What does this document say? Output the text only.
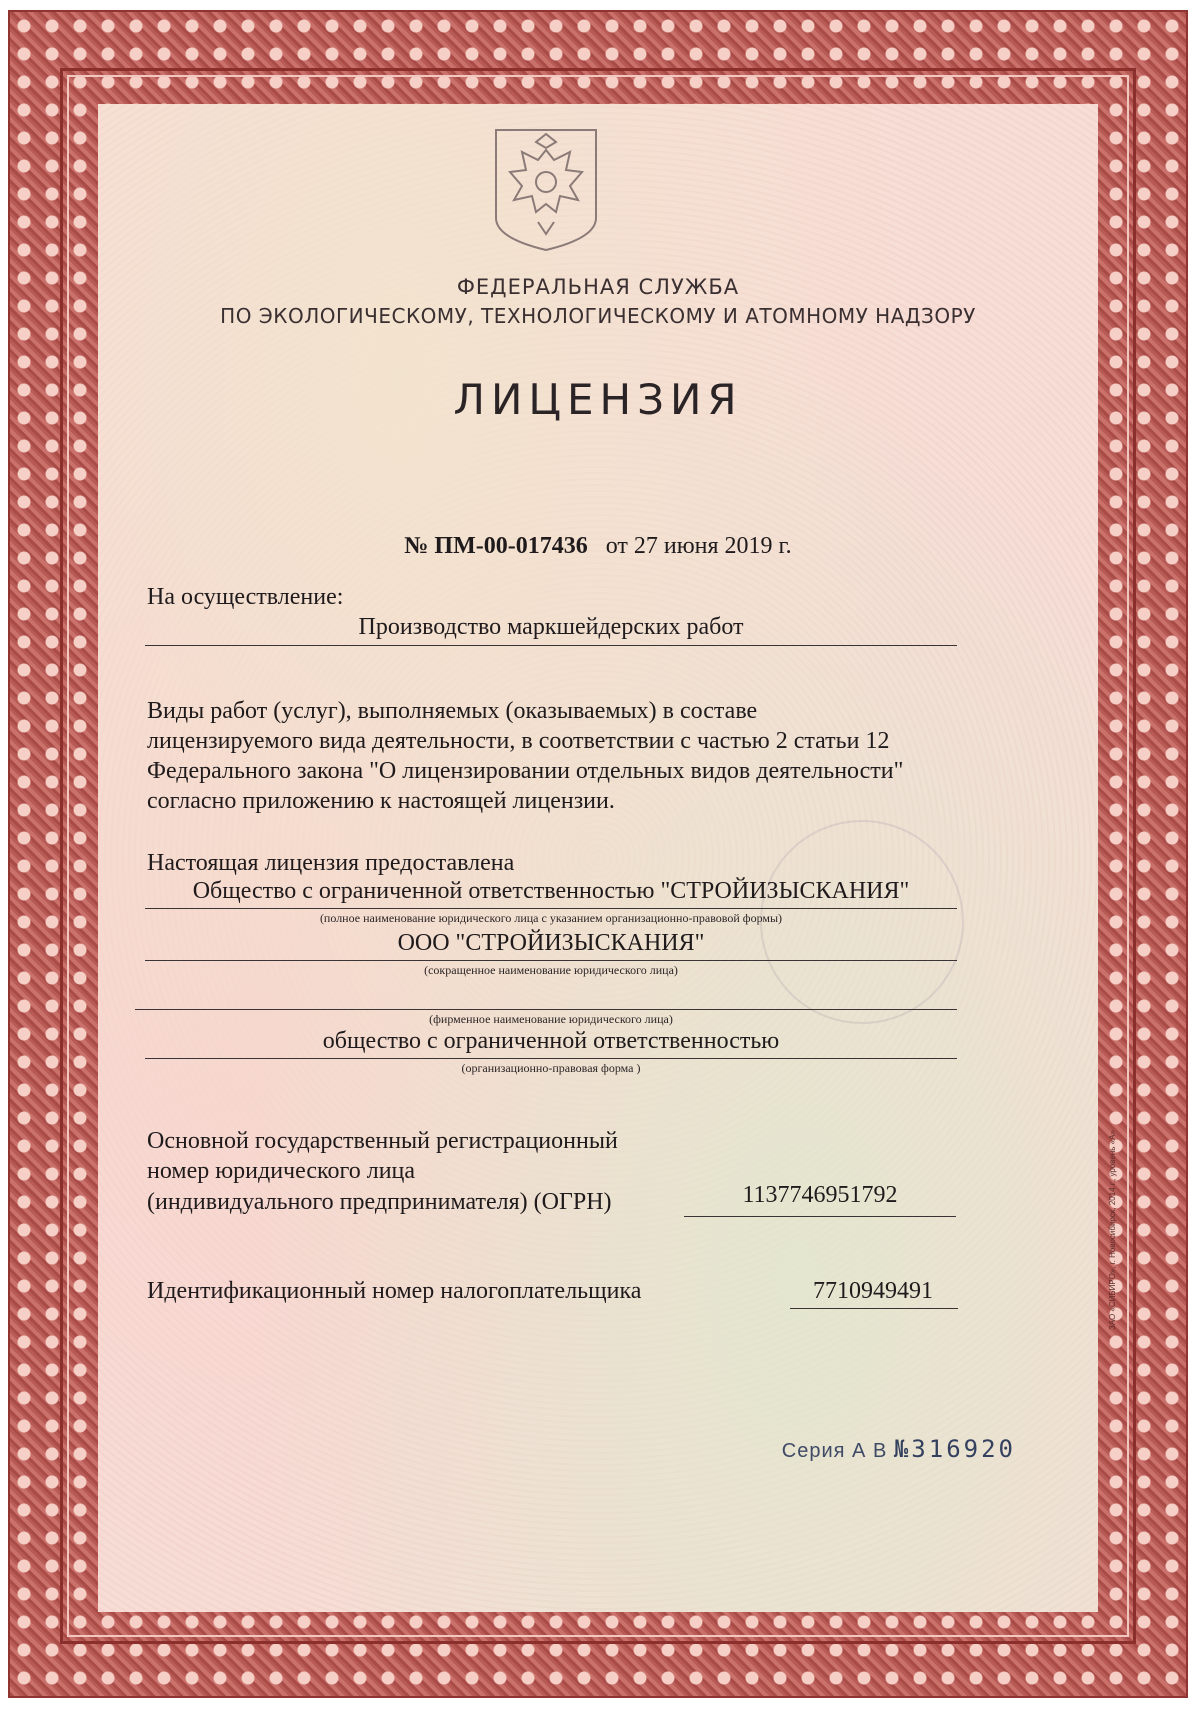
ФЕДЕРАЛЬНАЯ СЛУЖБА
ПО ЭКОЛОГИЧЕСКОМУ, ТЕХНОЛОГИЧЕСКОМУ И АТОМНОМУ НАДЗОРУ
ЛИЦЕНЗИЯ
№ ПМ-00-017436 от 27 июня 2019 г.
На осуществление:
Производство маркшейдерских работ
Виды работ (услуг), выполняемых (оказываемых) в составе
лицензируемого вида деятельности, в соответствии с частью 2 статьи 12
Федерального закона "О лицензировании отдельных видов деятельности"
согласно приложению к настоящей лицензии.
Настоящая лицензия предоставлена
Общество с ограниченной ответственностью "СТРОЙИЗЫСКАНИЯ"
(полное наименование юридического лица с указанием организационно-правовой формы)
ООО "СТРОЙИЗЫСКАНИЯ"
(сокращенное наименование юридического лица)
(фирменное наименование юридического лица)
общество с ограниченной ответственностью
(организационно-правовая форма )
Основной государственный регистрационный
номер юридического лица
(индивидуального предпринимателя) (ОГРН)	1137746951792
Идентификационный номер налогоплательщика	7710949491
Серия А В №316920
ЗАО «СИБИРО», г. Новосибирск, 2014 г., уровень «А»
